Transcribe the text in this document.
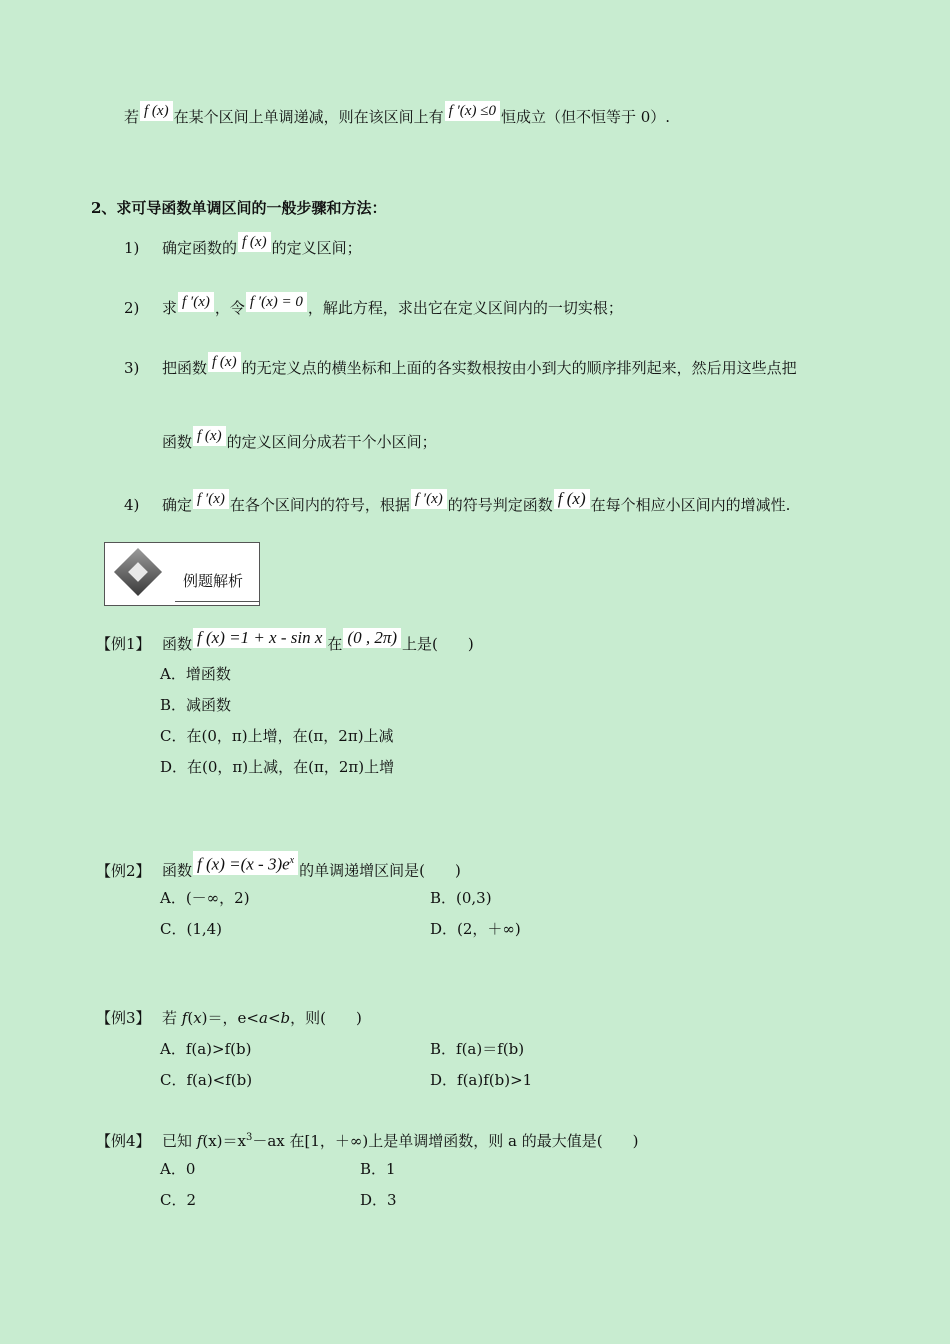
若 f (x) 在某个区间上单调递减，则在该区间上有 f ′(x) ≤0 恒成立（但不恒等于 0）.
2、求可导函数单调区间的一般步骤和方法：
1) 确定函数的 f (x) 的定义区间；
2) 求 f ′(x) ，令 f ′(x) = 0 ，解此方程，求出它在定义区间内的一切实根；
3) 把函数 f (x) 的无定义点的横坐标和上面的各实数根按由小到大的顺序排列起来，然后用这些点把
函数 f (x) 的定义区间分成若干个小区间；
4) 确定 f ′(x) 在各个区间内的符号，根据 f ′(x) 的符号判定函数 f (x) 在每个相应小区间内的增减性.
例题解析
【例1】 函数 f (x) =1 + x - sin x 在 (0 , 2π) 上是(　　)
A．增函数
B．减函数
C．在(0，π)上增，在(π，2π)上减
D．在(0，π)上减，在(π，2π)上增
【例2】 函数 f $(x) =(x - 3)e^x$的单调递增区间是(　　)
A．(－∞，2)	B．(0,3)
C．(1,4)	D．(2，＋∞)
【例3】 若 f(x)＝，e<a<b，则(　　)
A．f(a)>f(b)	B．f(a)＝f(b)
C．f(a)<f(b)	D．f(a)f(b)>1
【例4】 已知 $f(x)=x^3-ax$ 在[1，＋∞)上是单调增函数，则 a 的最大值是(　　)
A．0	B．1
C．2	D．3
